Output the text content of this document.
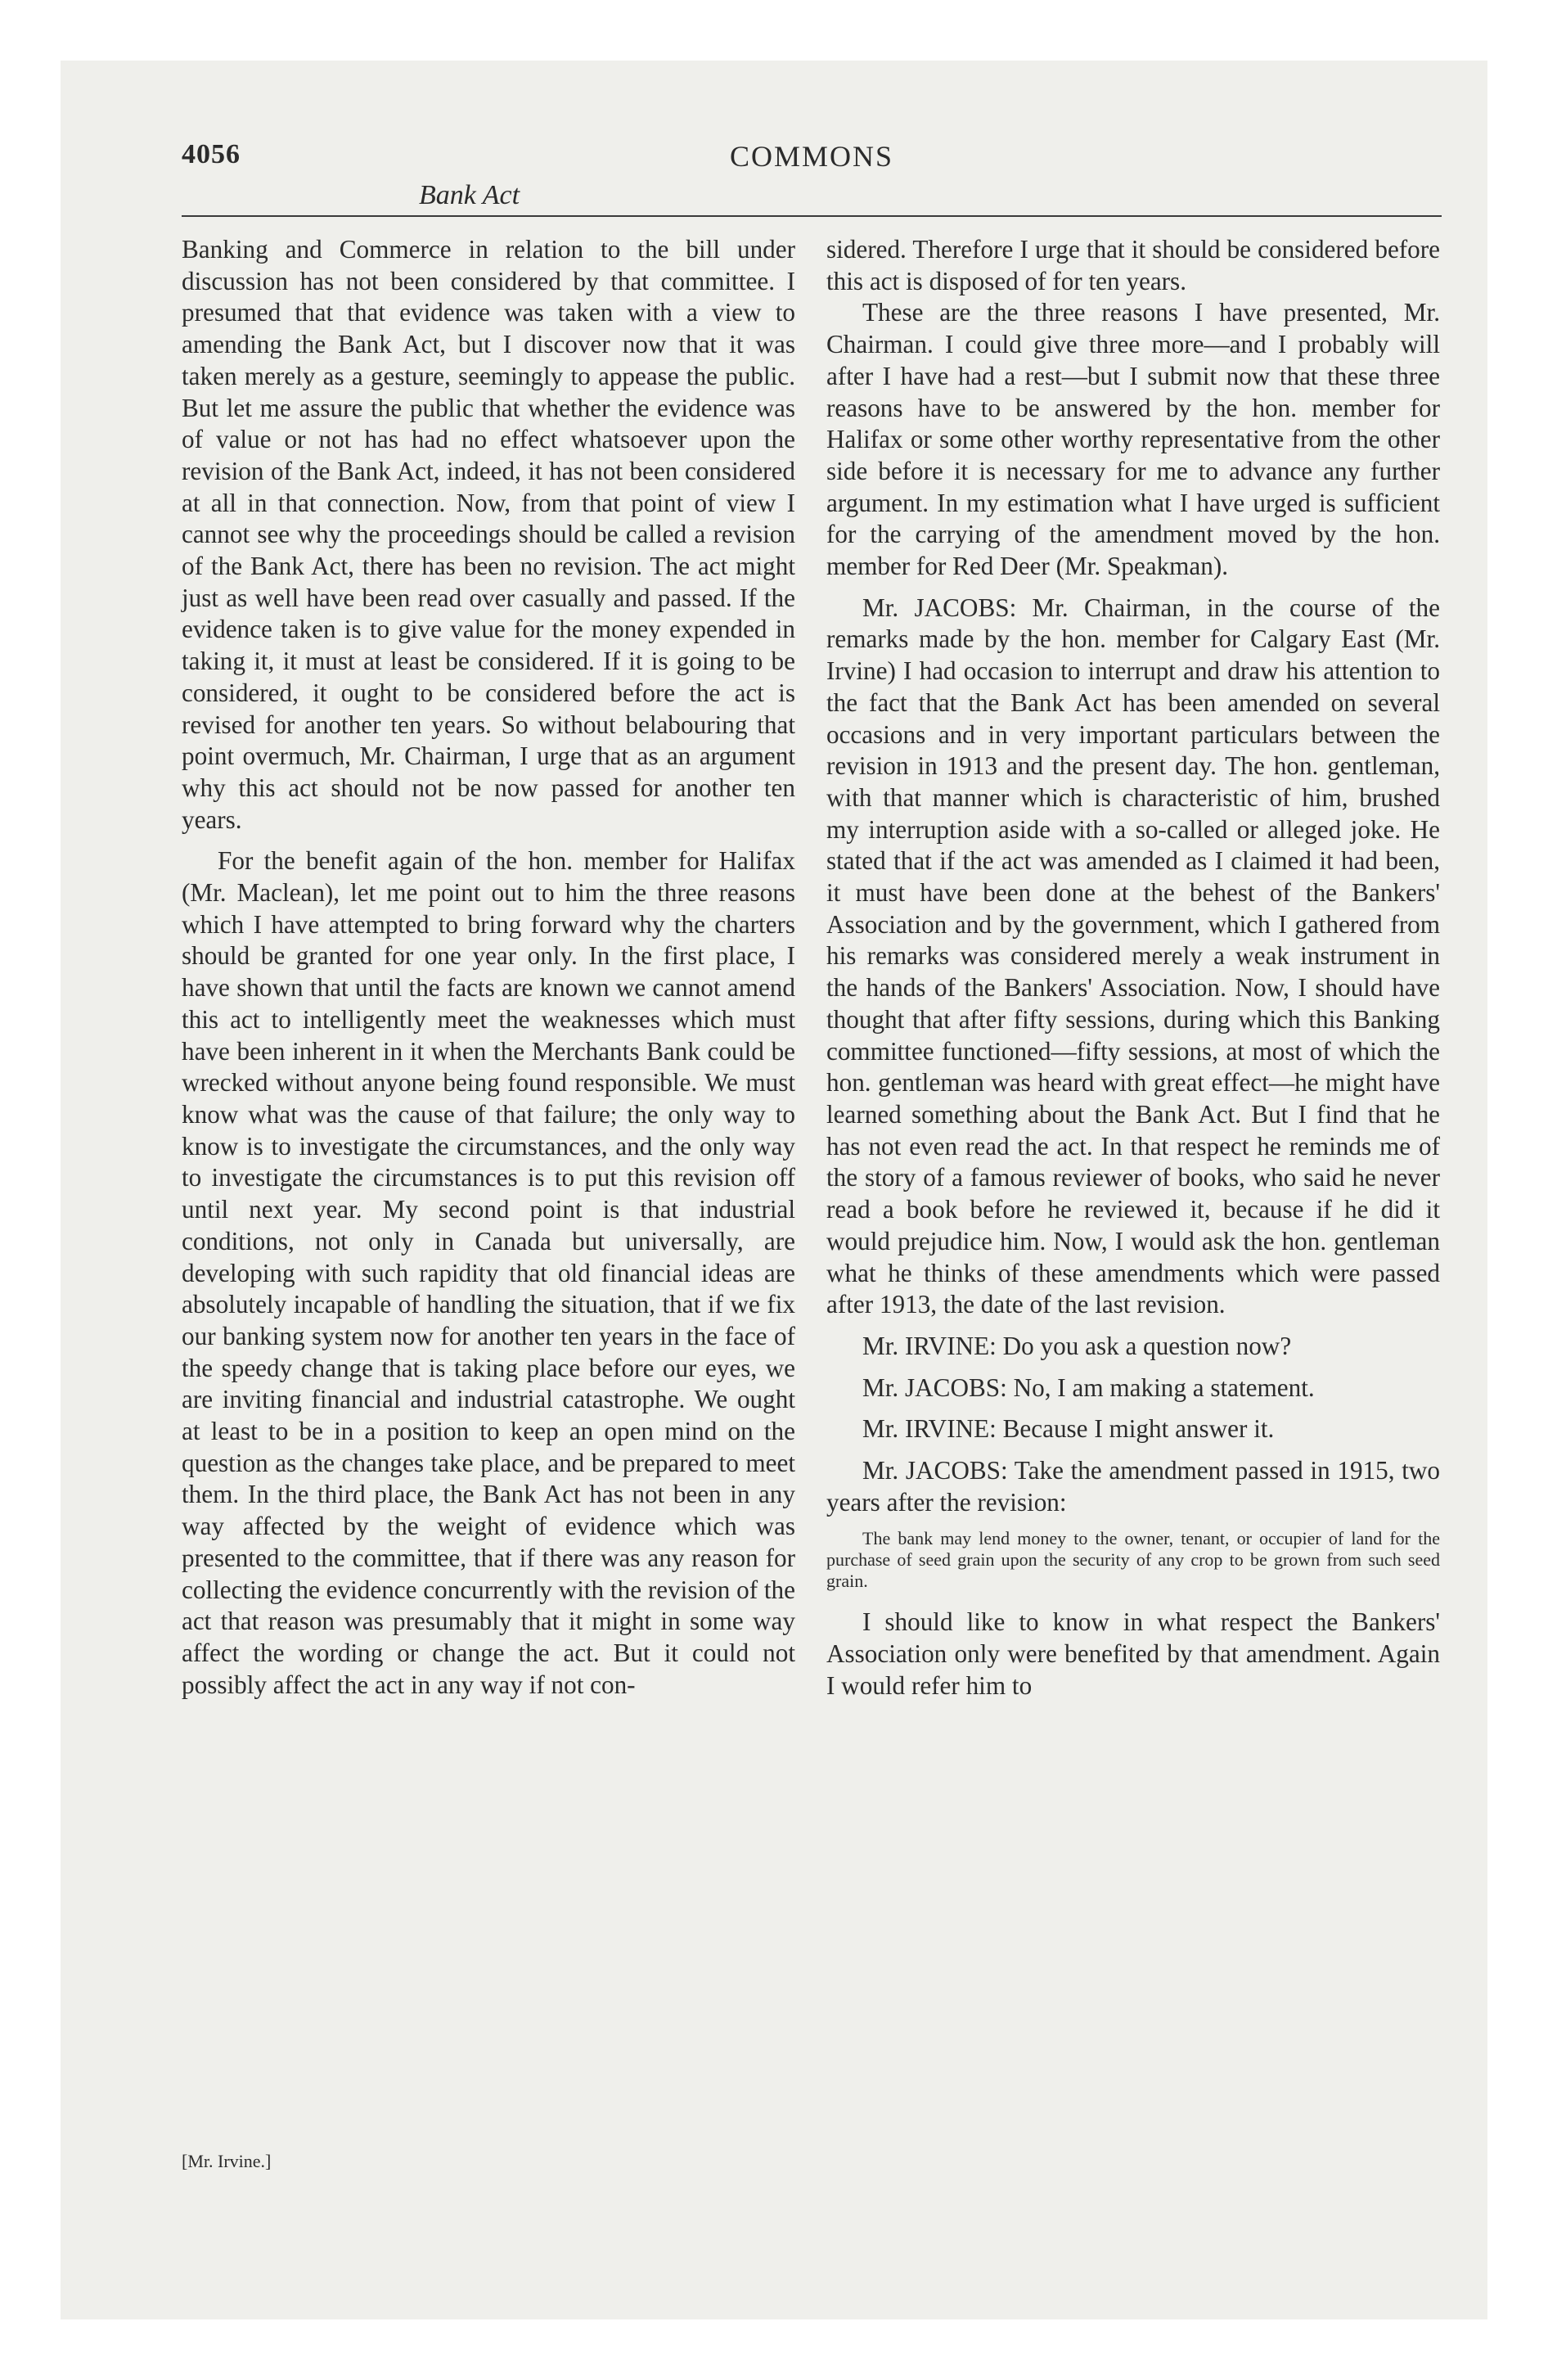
4056	COMMONS
Bank Act

Banking and Commerce in relation to the bill under discussion has not been considered by that committee. I presumed that that evidence was taken with a view to amending the Bank Act, but I discover now that it was taken merely as a gesture, seemingly to appease the public. But let me assure the public that whether the evidence was of value or not has had no effect whatsoever upon the revision of the Bank Act, indeed, it has not been considered at all in that connection. Now, from that point of view I cannot see why the proceedings should be called a revision of the Bank Act, there has been no revision. The act might just as well have been read over casually and passed. If the evidence taken is to give value for the money expended in taking it, it must at least be considered. If it is going to be considered, it ought to be considered before the act is revised for another ten years. So without belabouring that point overmuch, Mr. Chairman, I urge that as an argument why this act should not be now passed for another ten years.

For the benefit again of the hon. member for Halifax (Mr. Maclean), let me point out to him the three reasons which I have attempted to bring forward why the charters should be granted for one year only. In the first place, I have shown that until the facts are known we cannot amend this act to intelligently meet the weaknesses which must have been inherent in it when the Merchants Bank could be wrecked without anyone being found responsible. We must know what was the cause of that failure; the only way to know is to investigate the circumstances, and the only way to investigate the circumstances is to put this revision off until next year. My second point is that industrial conditions, not only in Canada but universally, are developing with such rapidity that old financial ideas are absolutely incapable of handling the situation, that if we fix our banking system now for another ten years in the face of the speedy change that is taking place before our eyes, we are inviting financial and industrial catastrophe. We ought at least to be in a position to keep an open mind on the question as the changes take place, and be prepared to meet them. In the third place, the Bank Act has not been in any way affected by the weight of evidence which was presented to the committee, that if there was any reason for collecting the evidence concurrently with the revision of the act that reason was presumably that it might in some way affect the wording or change the act. But it could not possibly affect the act in any way if not con-

sidered. Therefore I urge that it should be considered before this act is disposed of for ten years.

These are the three reasons I have presented, Mr. Chairman. I could give three more—and I probably will after I have had a rest—but I submit now that these three reasons have to be answered by the hon. member for Halifax or some other worthy representative from the other side before it is necessary for me to advance any further argument. In my estimation what I have urged is sufficient for the carrying of the amendment moved by the hon. member for Red Deer (Mr. Speakman).

Mr. JACOBS: Mr. Chairman, in the course of the remarks made by the hon. member for Calgary East (Mr. Irvine) I had occasion to interrupt and draw his attention to the fact that the Bank Act has been amended on several occasions and in very important particulars between the revision in 1913 and the present day. The hon. gentleman, with that manner which is characteristic of him, brushed my interruption aside with a so-called or alleged joke. He stated that if the act was amended as I claimed it had been, it must have been done at the behest of the Bankers' Association and by the government, which I gathered from his remarks was considered merely a weak instrument in the hands of the Bankers' Association. Now, I should have thought that after fifty sessions, during which this Banking committee functioned—fifty sessions, at most of which the hon. gentleman was heard with great effect—he might have learned something about the Bank Act. But I find that he has not even read the act. In that respect he reminds me of the story of a famous reviewer of books, who said he never read a book before he reviewed it, because if he did it would prejudice him. Now, I would ask the hon. gentleman what he thinks of these amendments which were passed after 1913, the date of the last revision.

Mr. IRVINE: Do you ask a question now?

Mr. JACOBS: No, I am making a statement.

Mr. IRVINE: Because I might answer it.

Mr. JACOBS: Take the amendment passed in 1915, two years after the revision:

The bank may lend money to the owner, tenant, or occupier of land for the purchase of seed grain upon the security of any crop to be grown from such seed grain.

I should like to know in what respect the Bankers' Association only were benefited by that amendment. Again I would refer him to

[Mr. Irvine.]
